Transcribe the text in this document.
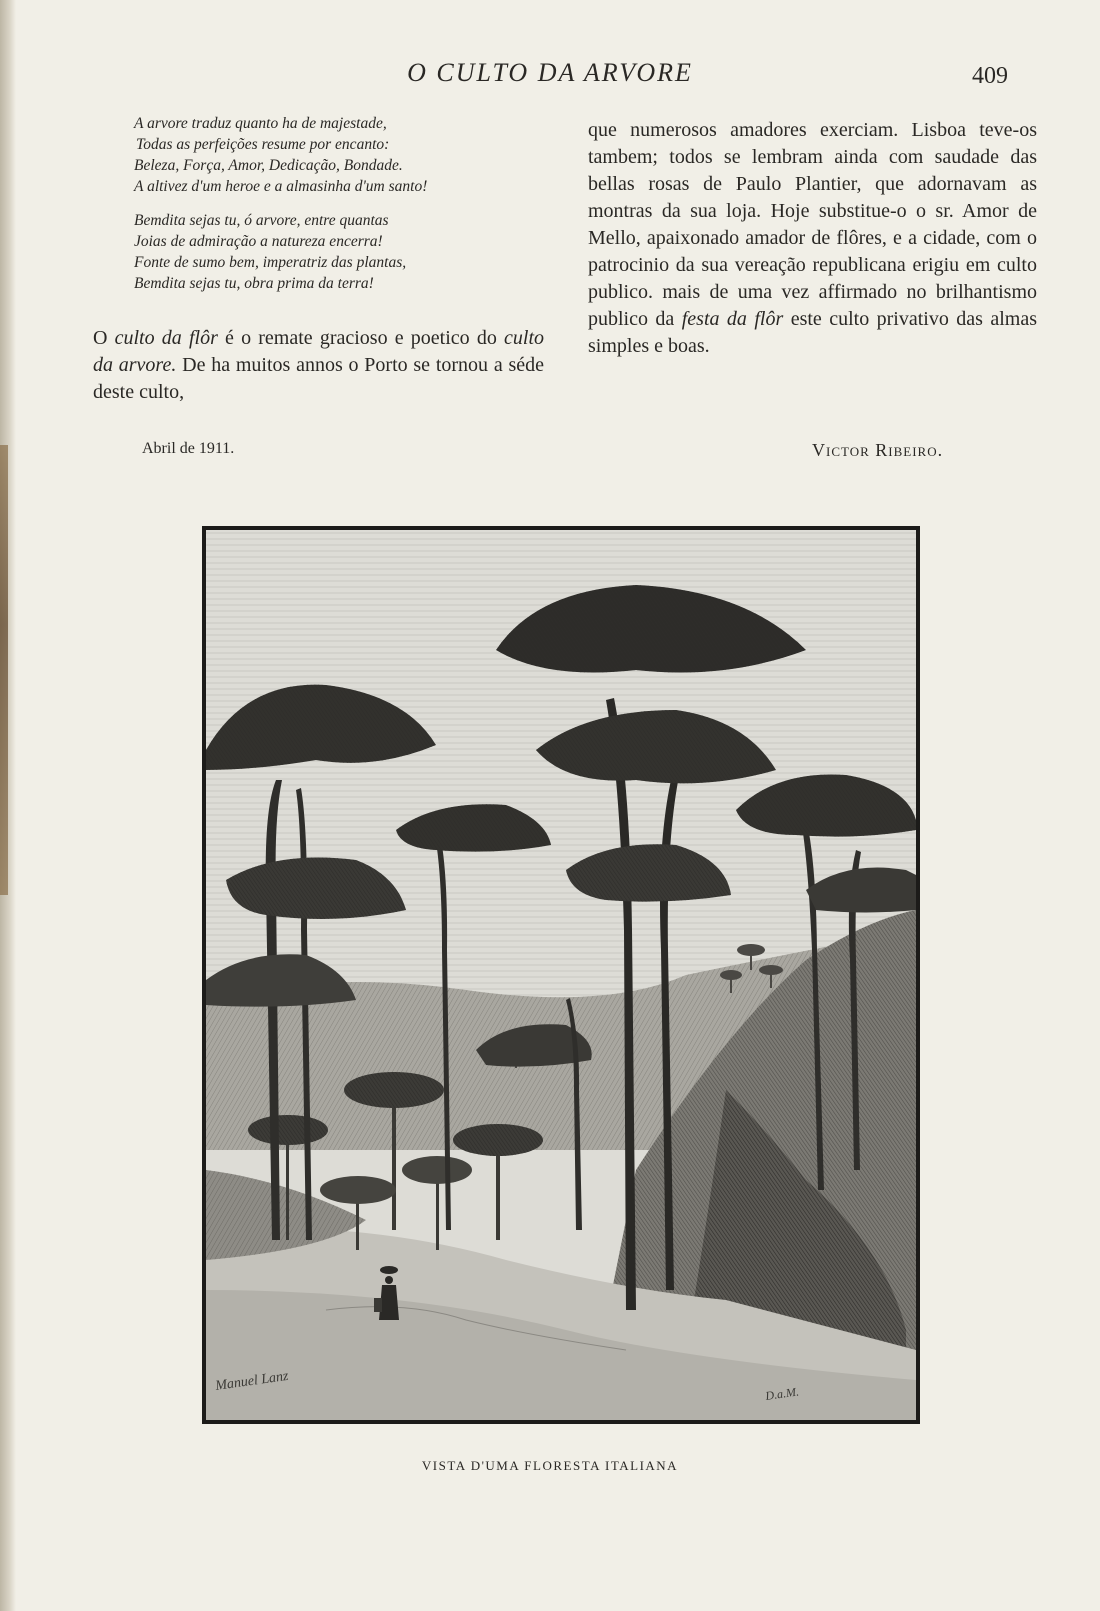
O CULTO DA ARVORE	409
A arvore traduz quanto ha de majestade,
Todas as perfeições resume por encanto:
Beleza, Força, Amor, Dedicação, Bondade.
A altivez d'um heroe e a almasinha d'um santo!
Bemdita sejas tu, ó arvore, entre quantas
Joias de admiração a natureza encerra!
Fonte de sumo bem, imperatriz das plantas,
Bemdita sejas tu, obra prima da terra!
O culto da flôr é o remate gracioso e poetico do culto da arvore. De ha muitos annos o Porto se tornou a séde deste culto,
que numerosos amadores exerciam. Lisboa teve-os tambem; todos se lembram ainda com saudade das bellas rosas de Paulo Plantier, que adornavam as montras da sua loja. Hoje substitue-o o sr. Amor de Mello, apaixonado amador de flôres, e a cidade, com o patrocinio da sua vereação republicana erigiu em culto publico. mais de uma vez affirmado no brilhantismo publico da festa da flôr este culto privativo das almas simples e boas.
Abril de 1911.	Victor Ribeiro.
Manuel Lanz	D.a.M.
VISTA D'UMA FLORESTA ITALIANA
